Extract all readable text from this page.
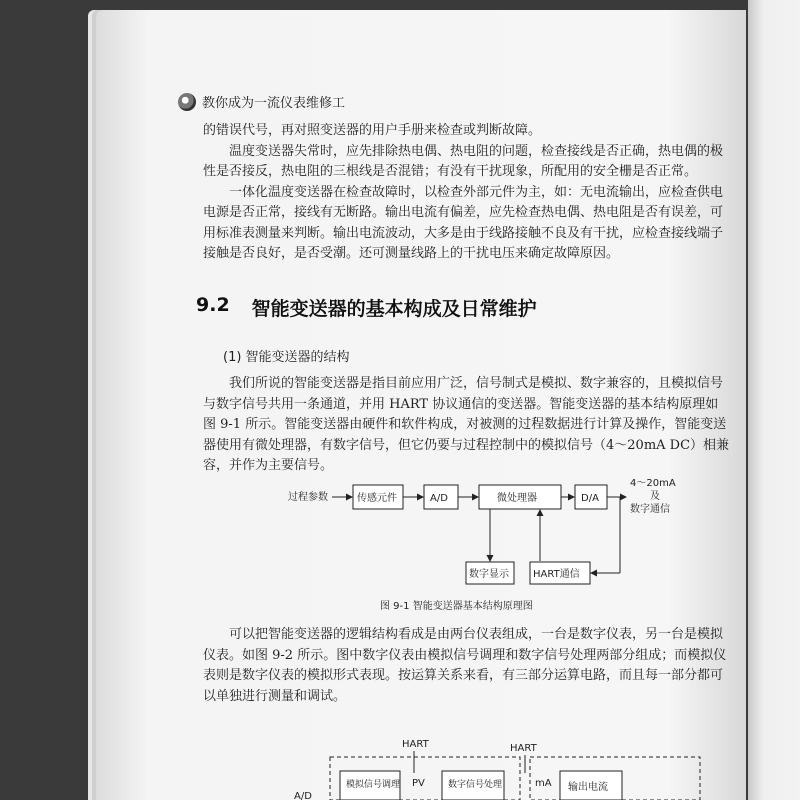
教你成为一流仪表维修工

的错误代号，再对照变送器的用户手册来检查或判断故障。

温度变送器失常时，应先排除热电偶、热电阻的问题，检查接线是否正确，热电偶的极

性是否接反，热电阻的三根线是否混错；有没有干扰现象，所配用的安全栅是否正常。

一体化温度变送器在检查故障时，以检查外部元件为主，如：无电流输出，应检查供电

电源是否正常，接线有无断路。输出电流有偏差，应先检查热电偶、热电阻是否有误差，可

用标准表测量来判断。输出电流波动，大多是由于线路接触不良及有干扰，应检查接线端子

接触是否良好，是否受潮。还可测量线路上的干扰电压来确定故障原因。

9.2 智能变送器的基本构成及日常维护
(1) 智能变送器的结构

我们所说的智能变送器是指目前应用广泛，信号制式是模拟、数字兼容的，且模拟信号

与数字信号共用一条通道，并用 HART 协议通信的变送器。智能变送器的基本结构原理如

图 9-1 所示。智能变送器由硬件和软件构成，对被测的过程数据进行计算及操作，智能变送

器使用有微处理器，有数字信号，但它仍要与过程控制中的模拟信号（4～20mA DC）相兼

容，并作为主要信号。

过程参数	传感元件	A/D	微处理器	D/A
4～20mA
及
数字通信
数字显示 HART通信
图 9-1 智能变送器基本结构原理图

可以把智能变送器的逻辑结构看成是由两台仪表组成，一台是数字仪表，另一台是模拟

仪表。如图 9-2 所示。图中数字仪表由模拟信号调理和数字信号处理两部分组成；而模拟仪

表则是数字仪表的模拟形式表现。按运算关系来看，有三部分运算电路，而且每一部分都可

以单独进行测量和调试。

HART	HART
模拟信号调理 PV	数字信号处理	mA 输出电流
A/D
